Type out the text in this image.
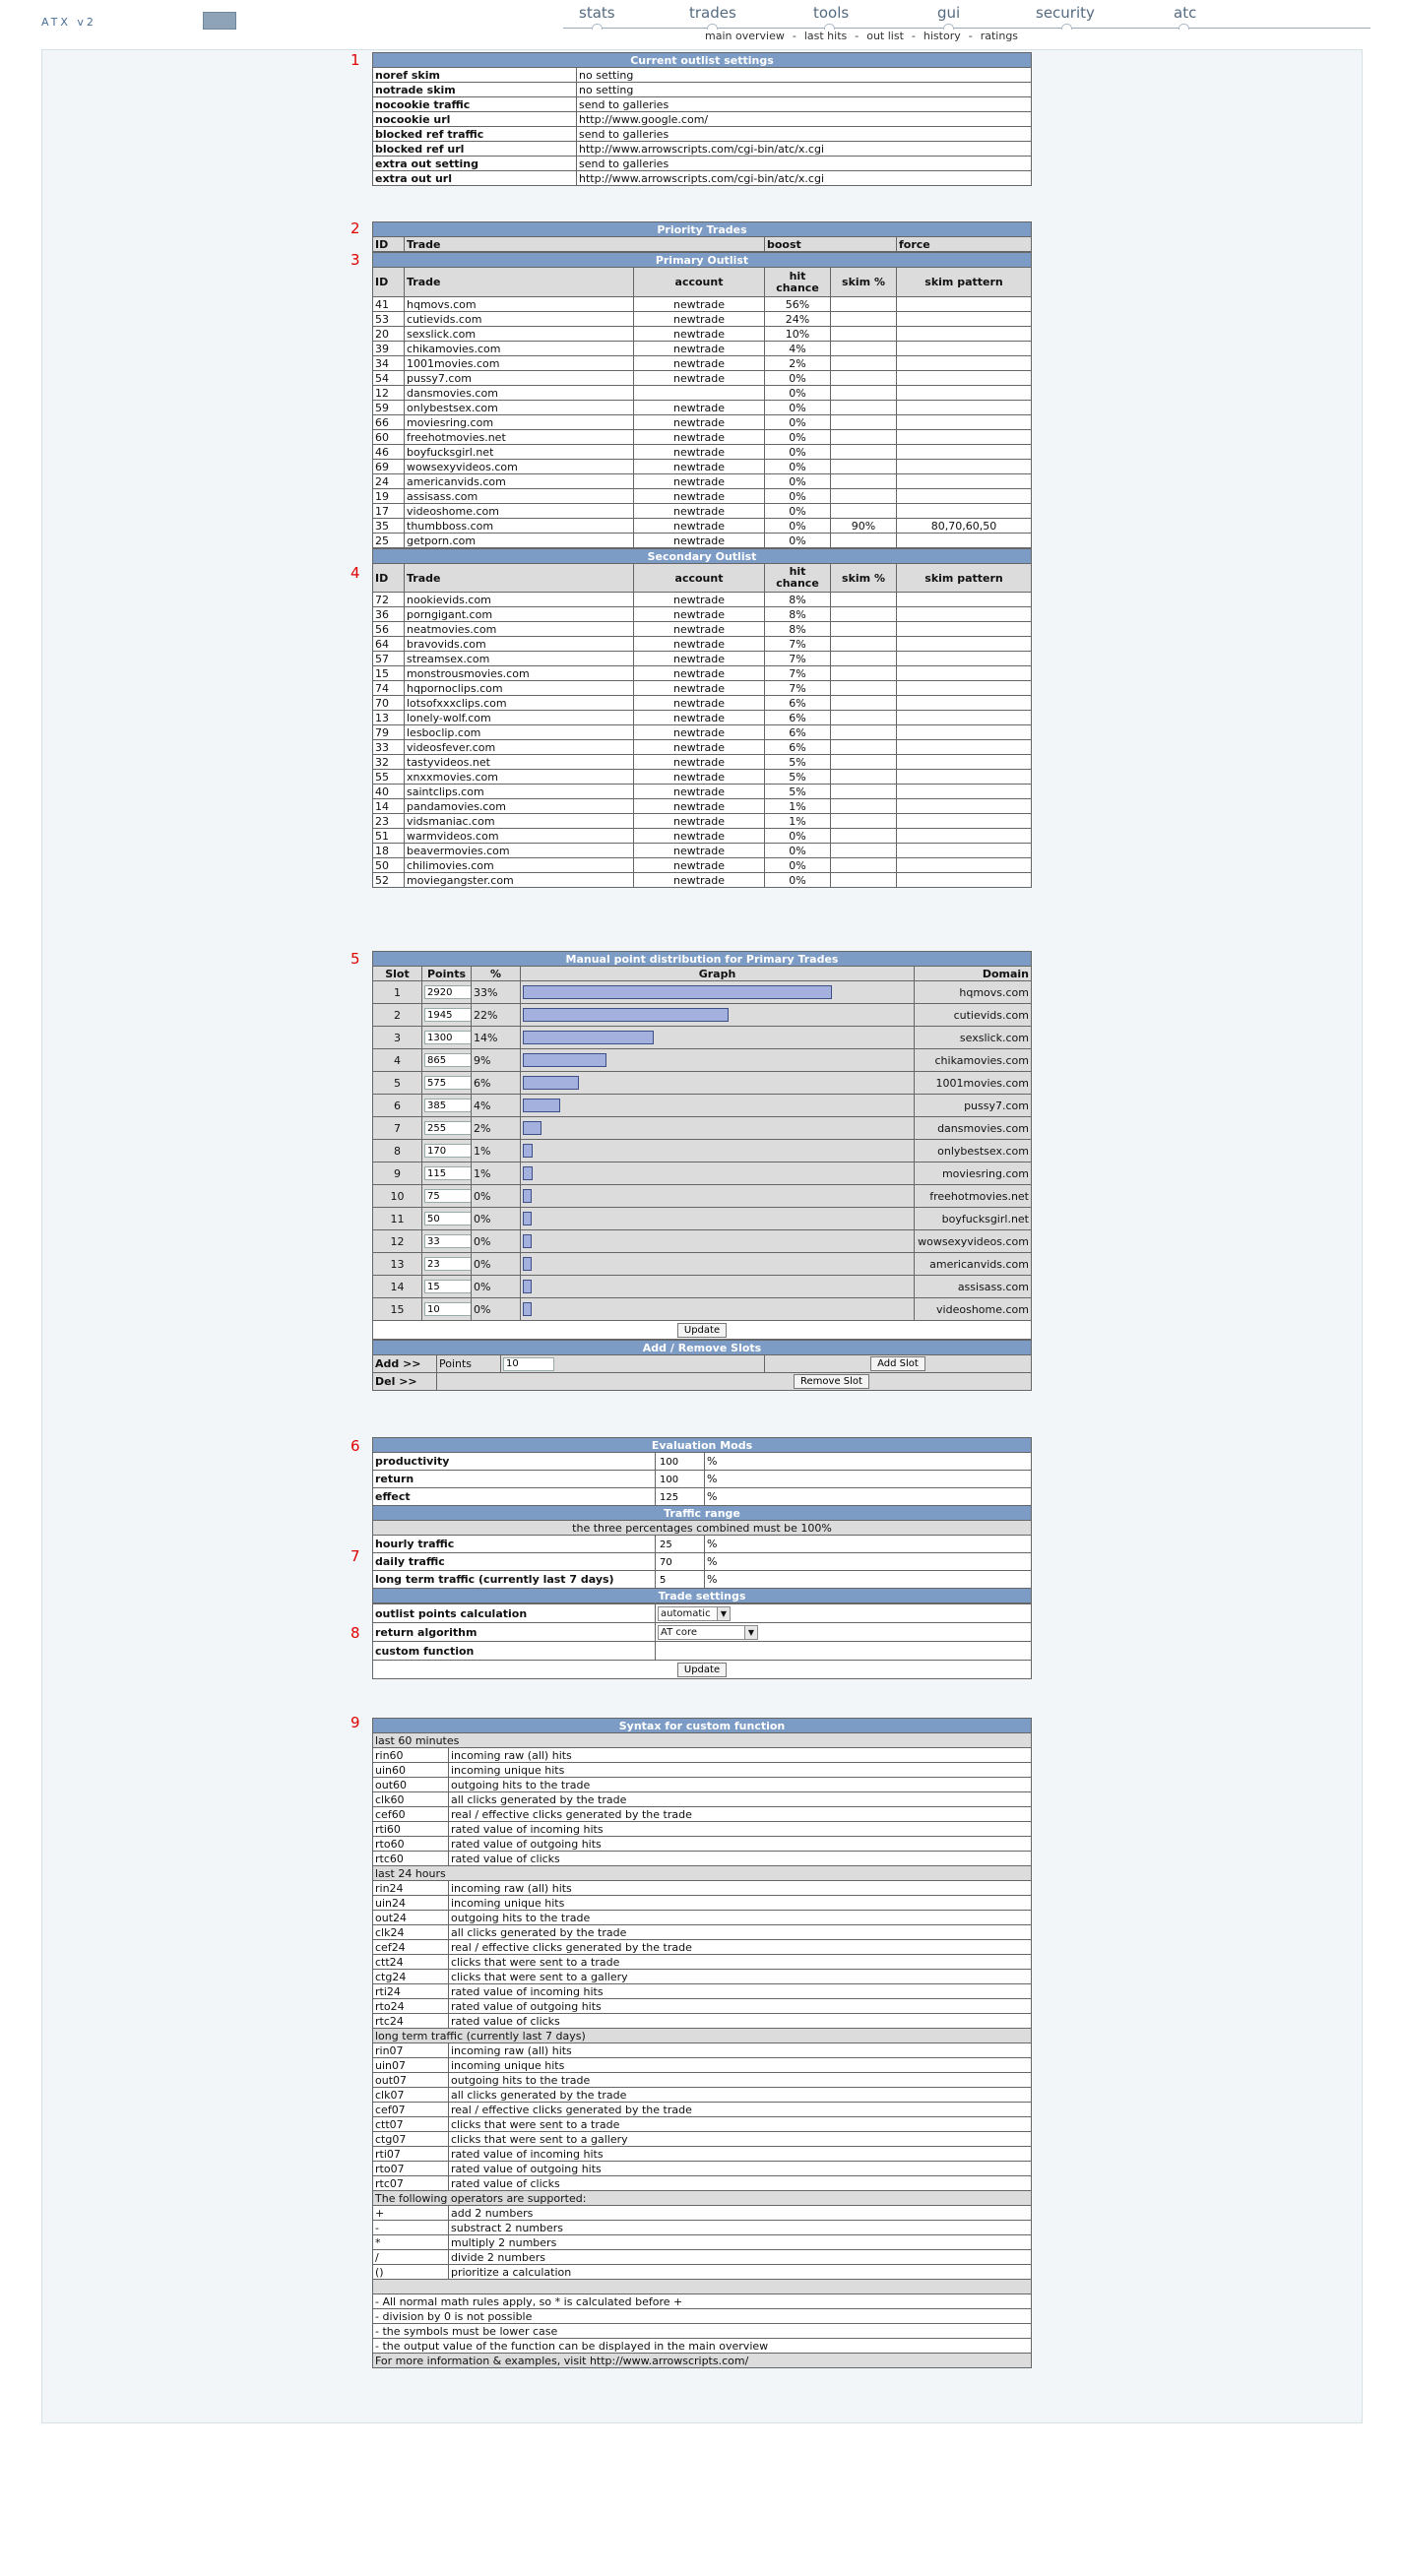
ATX v2
stats	trades	tools	gui	security	atc
main overview - last hits - out list - history - ratings
1
2
3
4
5
6
7
8
9
Current outlist settings	
noref skim	no setting
notrade skim	no setting
nocookie traffic	send to galleries
nocookie url	http://www.google.com/
blocked ref traffic	send to galleries
blocked ref url	http://www.arrowscripts.com/cgi-bin/atc/x.cgi
extra out setting	send to galleries
extra out url	http://www.arrowscripts.com/cgi-bin/atc/x.cgi
Priority Trades
ID	Trade	boost	force
Primary Outlist					
ID	Trade	account	hit chance	skim %	skim pattern
41	hqmovs.com	newtrade	56%		
53	cutievids.com	newtrade	24%		
20	sexslick.com	newtrade	10%		
39	chikamovies.com	newtrade	4%		
34	1001movies.com	newtrade	2%		
54	pussy7.com	newtrade	0%		
12	dansmovies.com		0%		
59	onlybestsex.com	newtrade	0%		
66	moviesring.com	newtrade	0%		
60	freehotmovies.net	newtrade	0%		
46	boyfucksgirl.net	newtrade	0%		
69	wowsexyvideos.com	newtrade	0%		
24	americanvids.com	newtrade	0%		
19	assisass.com	newtrade	0%		
17	videoshome.com	newtrade	0%		
35	thumbboss.com	newtrade	0%	90%	80,70,60,50
25	getporn.com	newtrade	0%		
Secondary Outlist					
ID	Trade	account	hit chance	skim %	skim pattern
72	nookievids.com	newtrade	8%		
36	porngigant.com	newtrade	8%		
56	neatmovies.com	newtrade	8%		
64	bravovids.com	newtrade	7%		
57	streamsex.com	newtrade	7%		
15	monstrousmovies.com	newtrade	7%		
74	hqpornoclips.com	newtrade	7%		
70	lotsofxxxclips.com	newtrade	6%		
13	lonely-wolf.com	newtrade	6%		
79	lesboclip.com	newtrade	6%		
33	videosfever.com	newtrade	6%		
32	tastyvideos.net	newtrade	5%		
55	xnxxmovies.com	newtrade	5%		
40	saintclips.com	newtrade	5%		
14	pandamovies.com	newtrade	1%		
23	vidsmaniac.com	newtrade	1%		
51	warmvideos.com	newtrade	0%		
18	beavermovies.com	newtrade	0%		
50	chilimovies.com	newtrade	0%		
52	moviegangster.com	newtrade	0%		
Manual point distribution for Primary Trades				
Slot	Points	%	Graph	Domain
1	2920	33%		hqmovs.com
2	1945	22%		cutievids.com
3	1300	14%		sexslick.com
4	865	9%		chikamovies.com
5	575	6%		1001movies.com
6	385	4%		pussy7.com
7	255	2%		dansmovies.com
8	170	1%		onlybestsex.com
9	115	1%		moviesring.com
10	75	0%		freehotmovies.net
11	50	0%		boyfucksgirl.net
12	33	0%		wowsexyvideos.com
13	23	0%		americanvids.com
14	15	0%		assisass.com
15	10	0%		videoshome.com
Update				
Add / Remove Slots			
Add >>	Points	10	Add Slot
Del >>	Remove Slot		
Evaluation Mods		
productivity	100	%
return	100	%
effect	125	%
Traffic range		
the three percentages combined must be 100%		
hourly traffic	25	%
daily traffic	70	%
long term traffic (currently last 7 days)	5	%
Trade settings		
outlist points calculation	automatic ▼

return algorithm	AT core ▼

custom function	
Update	
Syntax for custom function	
last 60 minutes	
rin60	incoming raw (all) hits
uin60	incoming unique hits
out60	outgoing hits to the trade
clk60	all clicks generated by the trade
cef60	real / effective clicks generated by the trade
rti60	rated value of incoming hits
rto60	rated value of outgoing hits
rtc60	rated value of clicks
last 24 hours	
rin24	incoming raw (all) hits
uin24	incoming unique hits
out24	outgoing hits to the trade
clk24	all clicks generated by the trade
cef24	real / effective clicks generated by the trade
ctt24	clicks that were sent to a trade
ctg24	clicks that were sent to a gallery
rti24	rated value of incoming hits
rto24	rated value of outgoing hits
rtc24	rated value of clicks
long term traffic (currently last 7 days)	
rin07	incoming raw (all) hits
uin07	incoming unique hits
out07	outgoing hits to the trade
clk07	all clicks generated by the trade
cef07	real / effective clicks generated by the trade
ctt07	clicks that were sent to a trade
ctg07	clicks that were sent to a gallery
rti07	rated value of incoming hits
rto07	rated value of outgoing hits
rtc07	rated value of clicks
The following operators are supported:	
+	add 2 numbers
-	substract 2 numbers
*	multiply 2 numbers
/	divide 2 numbers
()	prioritize a calculation

- All normal math rules apply, so * is calculated before +	
- division by 0 is not possible	
- the symbols must be lower case	
- the output value of the function can be displayed in the main overview	
For more information & examples, visit http://www.arrowscripts.com/	
